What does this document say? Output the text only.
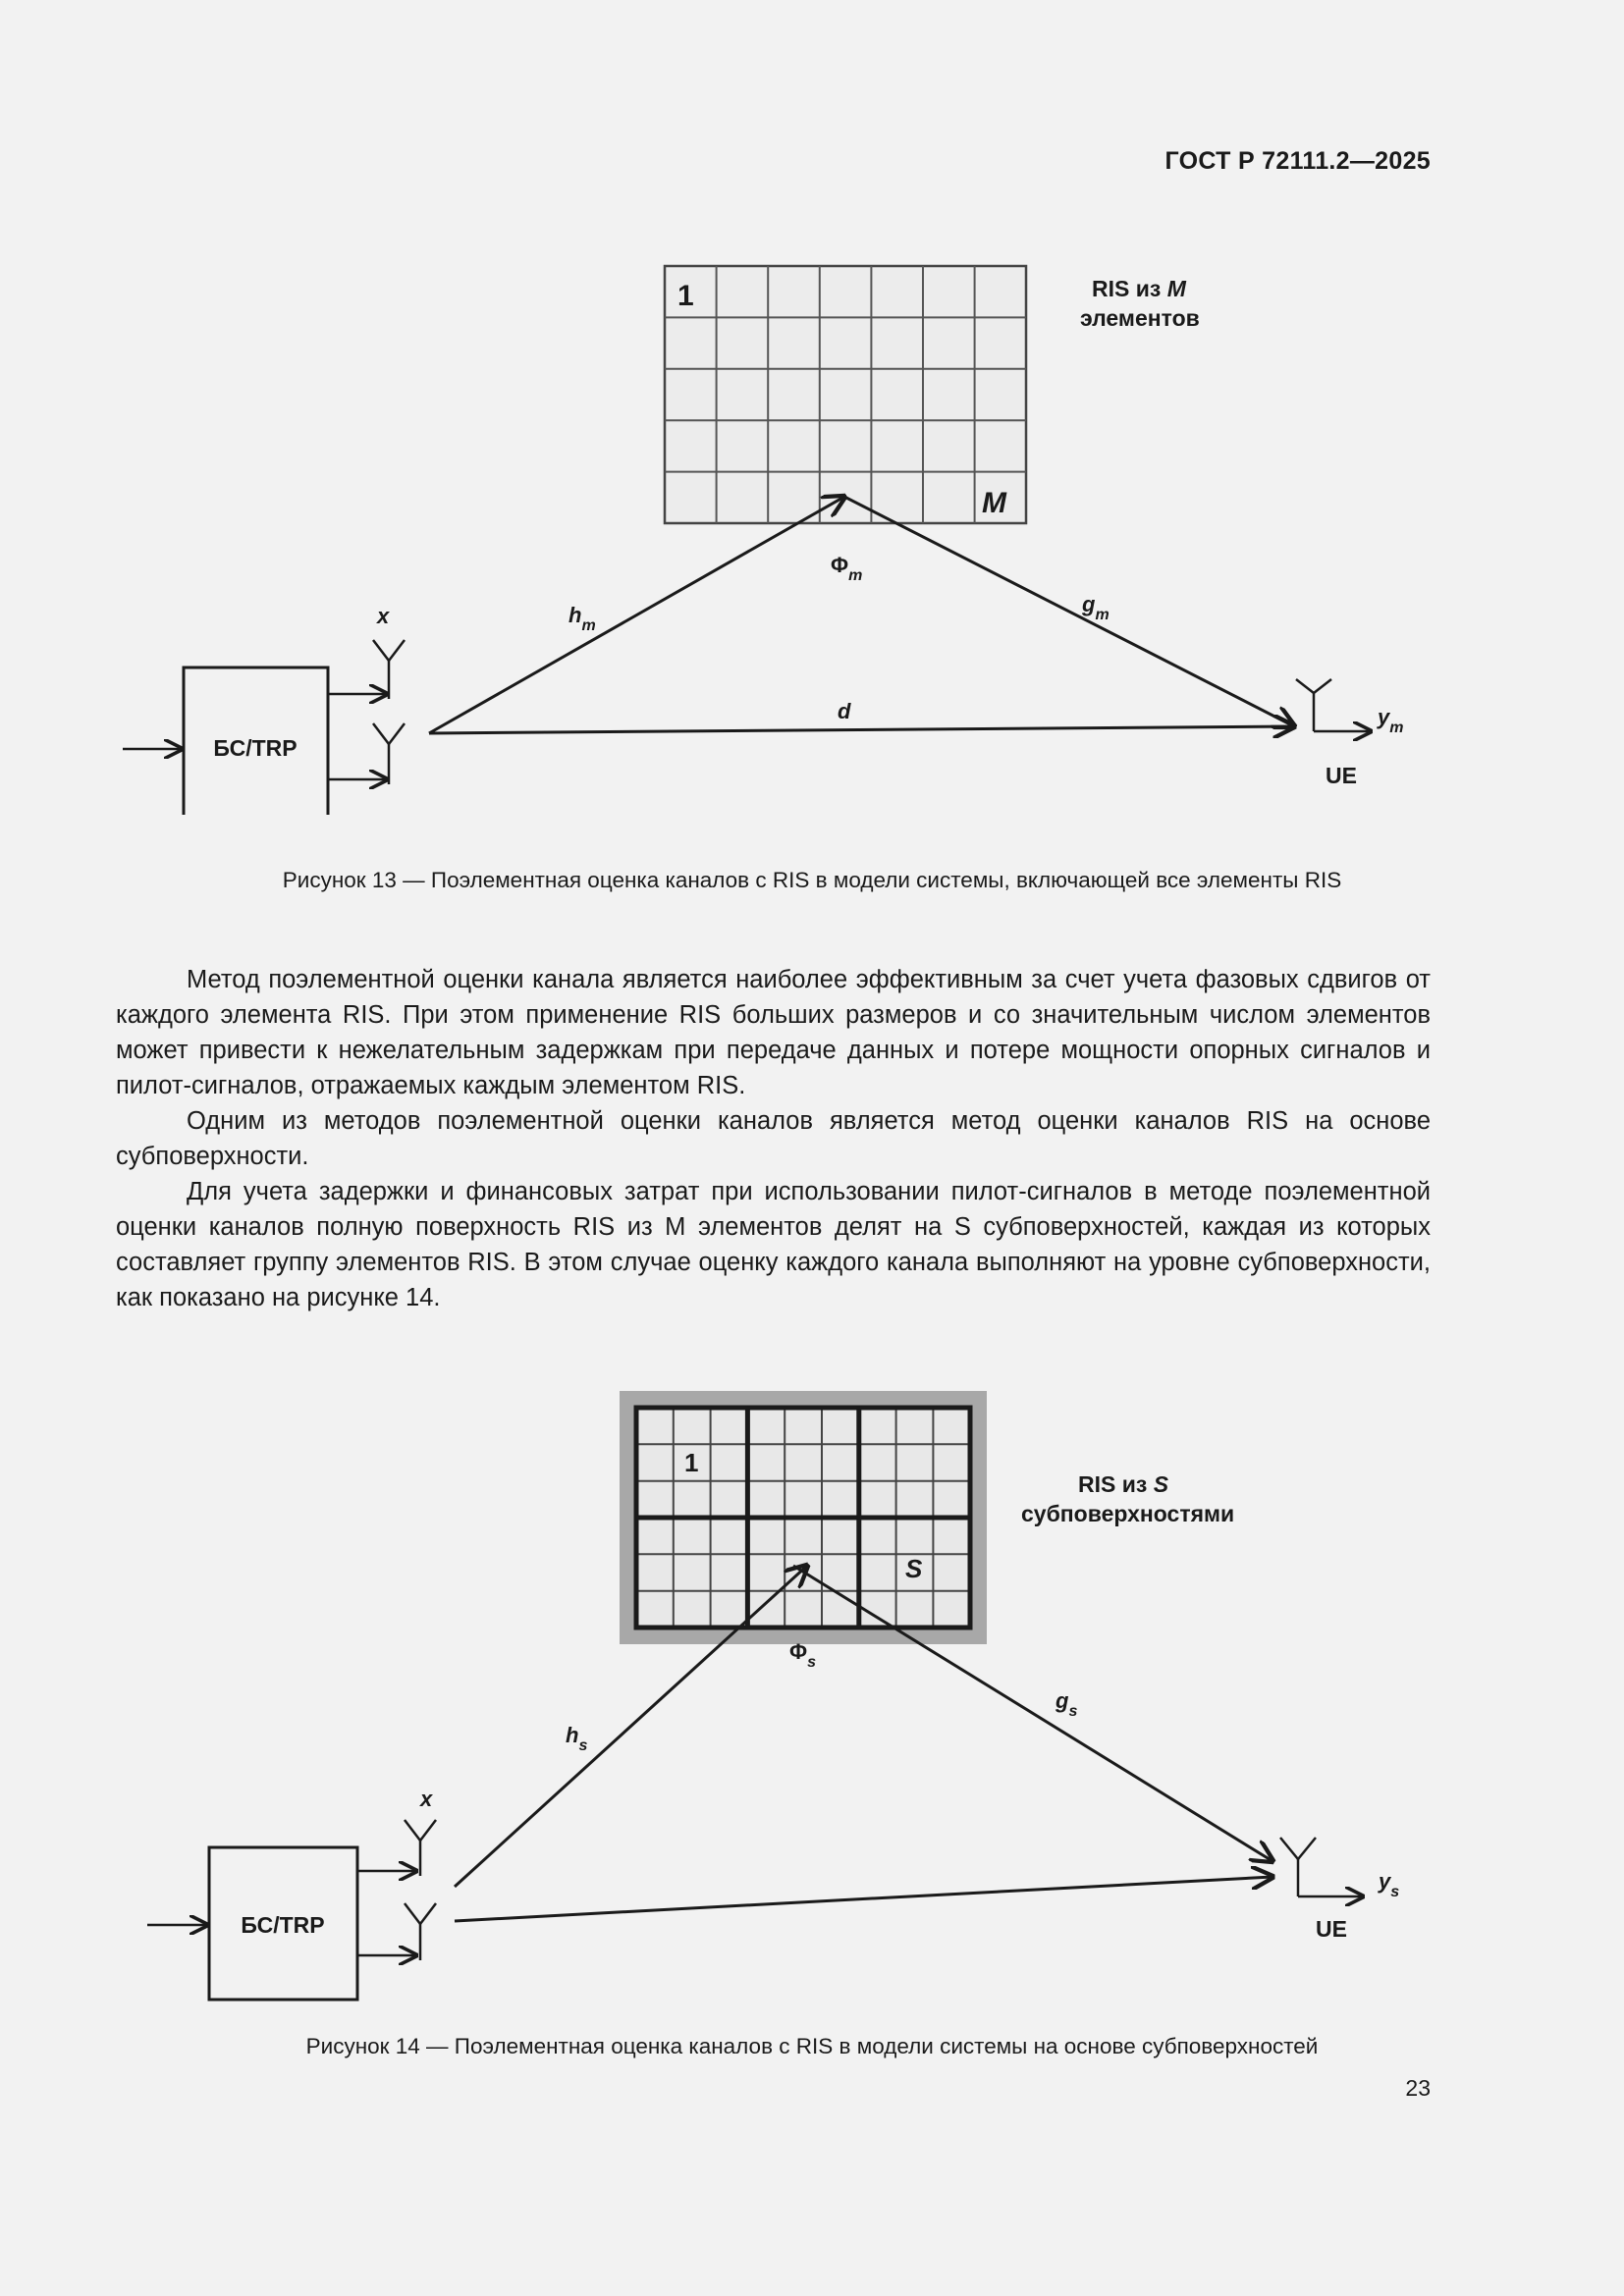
ГОСТ Р 72111.2—2025
1
M
RIS из M
элементов
$\Phi_m$
БС/TRP
x	$h_m$
$g_m$
d	$y_m$
UE
Рисунок 13 — Поэлементная оценка каналов с RIS в модели системы, включающей все элементы RIS

Метод поэлементной оценки канала является наиболее эффективным за счет учета фазовых сдвигов от каждого элемента RIS. При этом применение RIS больших размеров и со значительным числом элементов может привести к нежелательным задержкам при передаче данных и потере мощности опорных сигналов и пилот-сигналов, отражаемых каждым элементом RIS.

Одним из методов поэлементной оценки каналов является метод оценки каналов RIS на основе субповерхности.

Для учета задержки и финансовых затрат при использовании пилот-сигналов в методе поэлементной оценки каналов полную поверхность RIS из M элементов делят на S субповерхностей, каждая из которых составляет группу элементов RIS. В этом случае оценку каждого канала выполняют на уровне субповерхности, как показано на рисунке 14.

1
S
RIS из S
субповерхностями
$\Phi_s$
БС/TRP
x
$h_s$
$g_s$
$y_s$
UE
Рисунок 14 — Поэлементная оценка каналов с RIS в модели системы на основе субповерхностей
23
